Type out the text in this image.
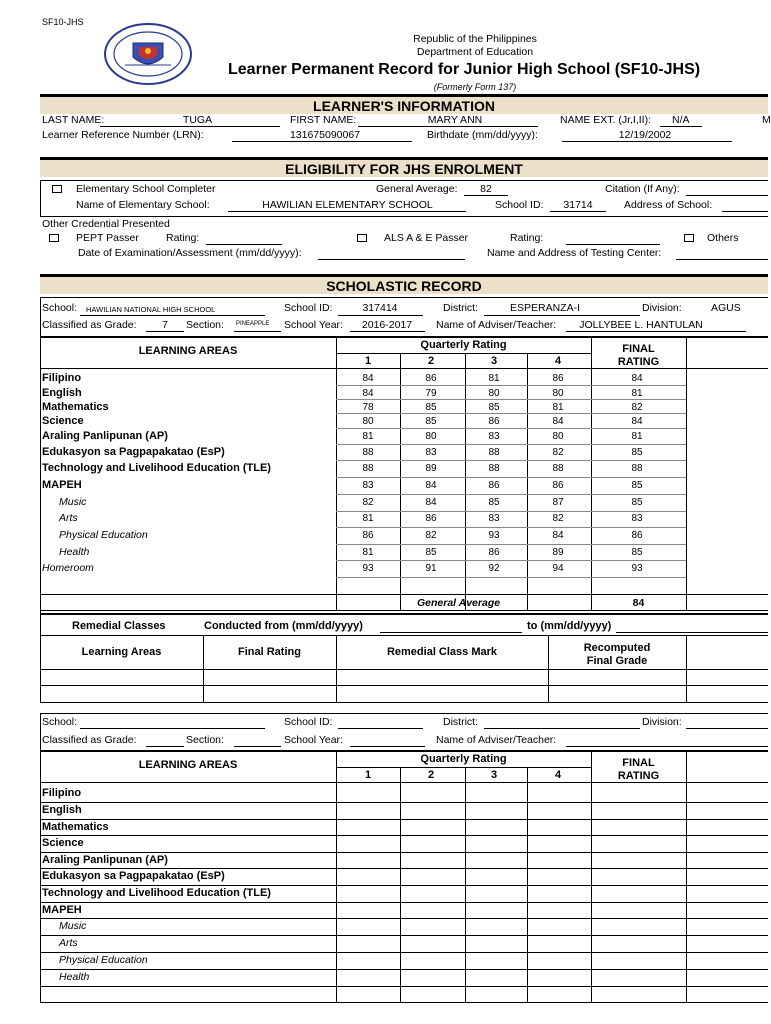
SF10-JHS
Republic of the Philippines
Department of Education
Learner Permanent Record for Junior High School (SF10-JHS)
(Formerly Form 137)
LEARNER'S INFORMATION
LAST NAME:	TUGA	FIRST NAME:	MARY ANN	NAME EXT. (Jr,I,II): N/A	M
Learner Reference Number (LRN):	131675090067	Birthdate (mm/dd/yyyy):	12/19/2002
ELIGIBILITY FOR JHS ENROLMENT
Elementary School Completer	General Average:	82	Citation (If Any):
Name of Elementary School:	HAWILIAN ELEMENTARY SCHOOL	School ID:	31714	Address of School:
Other Credential Presented
PEPT Passer	Rating:	ALS A & E Passer	Rating:	Others
Date of Examination/Assessment (mm/dd/yyyy):	Name and Address of Testing Center:
SCHOLASTIC RECORD
School: HAWILIAN NATIONAL HIGH SCHOOL	School ID:	317414	District:	ESPERANZA-I	Division:	AGUS
Classified as Grade:	7	Section: PINEAPPLE School Year:	2016-2017	Name of Adviser/Teacher:	JOLLYBEE L. HANTULAN
LEARNING AREAS	Quarterly Rating
1	2	3	4
FINAL
RATING
Filipino	84	86	81	86	84
English	84	79	80	80	81
Mathematics	78	85	85	81	82
Science	80	85	86	84	84
Araling Panlipunan (AP)	81	80	83	80	81
Edukasyon sa Pagpapakatao (EsP)	88	83	88	82	85
Technology and Livelihood Education (TLE)	88	89	88	88	88
MAPEH	83	84	86	86	85
Music	82	84	85	87	85
Arts	81	86	83	82	83
Physical Education	86	82	93	84	86
Health	81	85	86	89	85
Homeroom	93	91	92	94	93
General Average	84
Remedial Classes	Conducted from (mm/dd/yyyy)	to (mm/dd/yyyy)
Learning Areas	Final Rating	Remedial Class Mark	Recomputed
Final Grade
School:	School ID:	District:	Division:
Classified as Grade:	Section:	School Year:	Name of Adviser/Teacher:
LEARNING AREAS	Quarterly Rating
1	2	3	4
FINAL
RATING
Filipino
English
Mathematics
Science
Araling Panlipunan (AP)
Edukasyon sa Pagpapakatao (EsP)
Technology and Livelihood Education (TLE)
MAPEH
Music
Arts
Physical Education
Health
